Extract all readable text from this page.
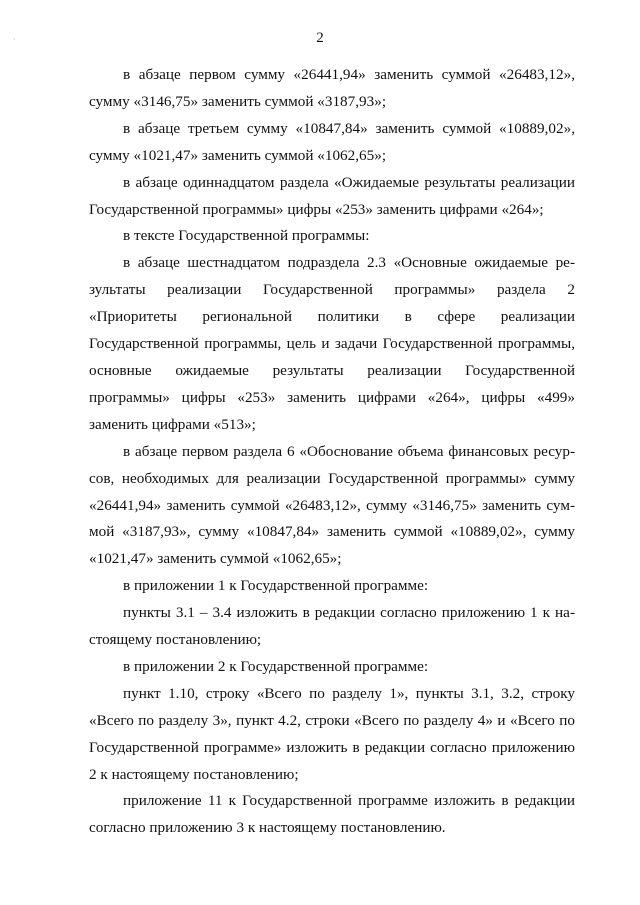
2
ʾ

в абзаце первом сумму «26441,94» заменить суммой «26483,12», сумму «3146,75» заменить суммой «3187,93»;

в абзаце третьем сумму «10847,84» заменить суммой «10889,02», сумму «1021,47» заменить суммой «1062,65»;

в абзаце одиннадцатом раздела «Ожидаемые результаты реализации Государственной программы» цифры «253» заменить цифрами «264»;

в тексте Государственной программы:

в абзаце шестнадцатом подраздела 2.3 «Основные ожидаемые результаты реализации Государственной программы» раздела 2 «Приоритеты региональной политики в сфере реализации Государственной программы, цель и задачи Государственной программы, основные ожидаемые результаты реализации Государственной программы» цифры «253» заменить цифрами «264», цифры «499» заменить цифрами «513»;

в абзаце первом раздела 6 «Обоснование объема финансовых ресурсов, необходимых для реализации Государственной программы» сумму «26441,94» заменить суммой «26483,12», сумму «3146,75» заменить суммой «3187,93», сумму «10847,84» заменить суммой «10889,02», сумму «1021,47» заменить суммой «1062,65»;

в приложении 1 к Государственной программе:

пункты 3.1 – 3.4 изложить в редакции согласно приложению 1 к настоящему постановлению;

в приложении 2 к Государственной программе:

пункт 1.10, строку «Всего по разделу 1», пункты 3.1, 3.2, строку «Всего по разделу 3», пункт 4.2, строки «Всего по разделу 4» и «Всего по Государственной программе» изложить в редакции согласно приложению 2 к настоящему постановлению;

приложение 11 к Государственной программе изложить в редакции согласно приложению 3 к настоящему постановлению.
